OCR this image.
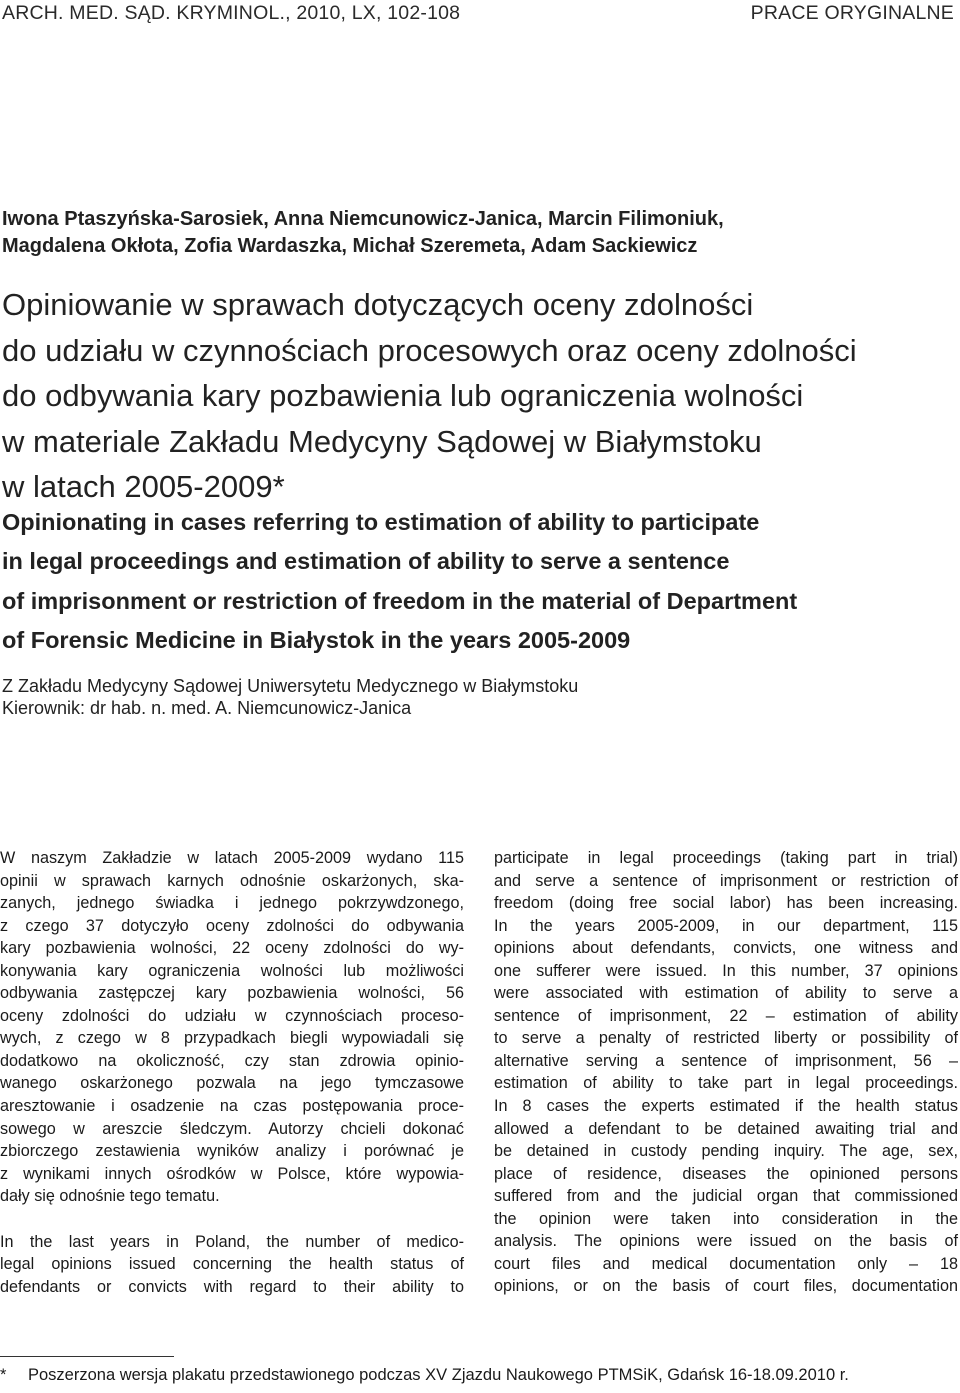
ARCH. MED. SĄD. KRYMINOL., 2010, LX, 102-108	PRACE ORYGINALNE
Iwona Ptaszyńska-Sarosiek, Anna Niemcunowicz-Janica, Marcin Filimoniuk,
Magdalena Okłota, Zofia Wardaszka, Michał Szeremeta, Adam Sackiewicz
Opiniowanie w sprawach dotyczących oceny zdolności
do udziału w czynnościach procesowych oraz oceny zdolności
do odbywania kary pozbawienia lub ograniczenia wolności
w materiale Zakładu Medycyny Sądowej w Białymstoku
w latach 2005-2009*
Opinionating in cases referring to estimation of ability to participate
in legal proceedings and estimation of ability to serve a sentence
of imprisonment or restriction of freedom in the material of Department
of Forensic Medicine in Białystok in the years 2005-2009
Z Zakładu Medycyny Sądowej Uniwersytetu Medycznego w Białymstoku
Kierownik: dr hab. n. med. A. Niemcunowicz-Janica
W naszym Zakładzie w latach 2005-2009 wydano 115
opinii w sprawach karnych odnośnie oskarżonych, ska-
zanych, jednego świadka i jednego pokrzywdzonego,
z czego 37 dotyczyło oceny zdolności do odbywania
kary pozbawienia wolności, 22 oceny zdolności do wy-
konywania kary ograniczenia wolności lub możliwości
odbywania zastępczej kary pozbawienia wolności, 56
oceny zdolności do udziału w czynnościach proceso-
wych, z czego w 8 przypadkach biegli wypowiadali się
dodatkowo na okoliczność, czy stan zdrowia opinio-
wanego oskarżonego pozwala na jego tymczasowe
aresztowanie i osadzenie na czas postępowania proce-
sowego w areszcie śledczym. Autorzy chcieli dokonać
zbiorczego zestawienia wyników analizy i porównać je
z wynikami innych ośrodków w Polsce, które wypowia-
dały się odnośnie tego tematu.
In the last years in Poland, the number of medico-
legal opinions issued concerning the health status of
defendants or convicts with regard to their ability to
participate in legal proceedings (taking part in trial)
and serve a sentence of imprisonment or restriction of
freedom (doing free social labor) has been increasing.
In the years 2005-2009, in our department, 115
opinions about defendants, convicts, one witness and
one sufferer were issued. In this number, 37 opinions
were associated with estimation of ability to serve a
sentence of imprisonment, 22 – estimation of ability
to serve a penalty of restricted liberty or possibility of
alternative serving a sentence of imprisonment, 56 –
estimation of ability to take part in legal proceedings.
In 8 cases the experts estimated if the health status
allowed a defendant to be detained awaiting trial and
be detained in custody pending inquiry. The age, sex,
place of residence, diseases the opinioned persons
suffered from and the judicial organ that commissioned
the opinion were taken into consideration in the
analysis. The opinions were issued on the basis of
court files and medical documentation only – 18
opinions, or on the basis of court files, documentation
* Poszerzona wersja plakatu przedstawionego podczas XV Zjazdu Naukowego PTMSiK, Gdańsk 16-18.09.2010 r.
